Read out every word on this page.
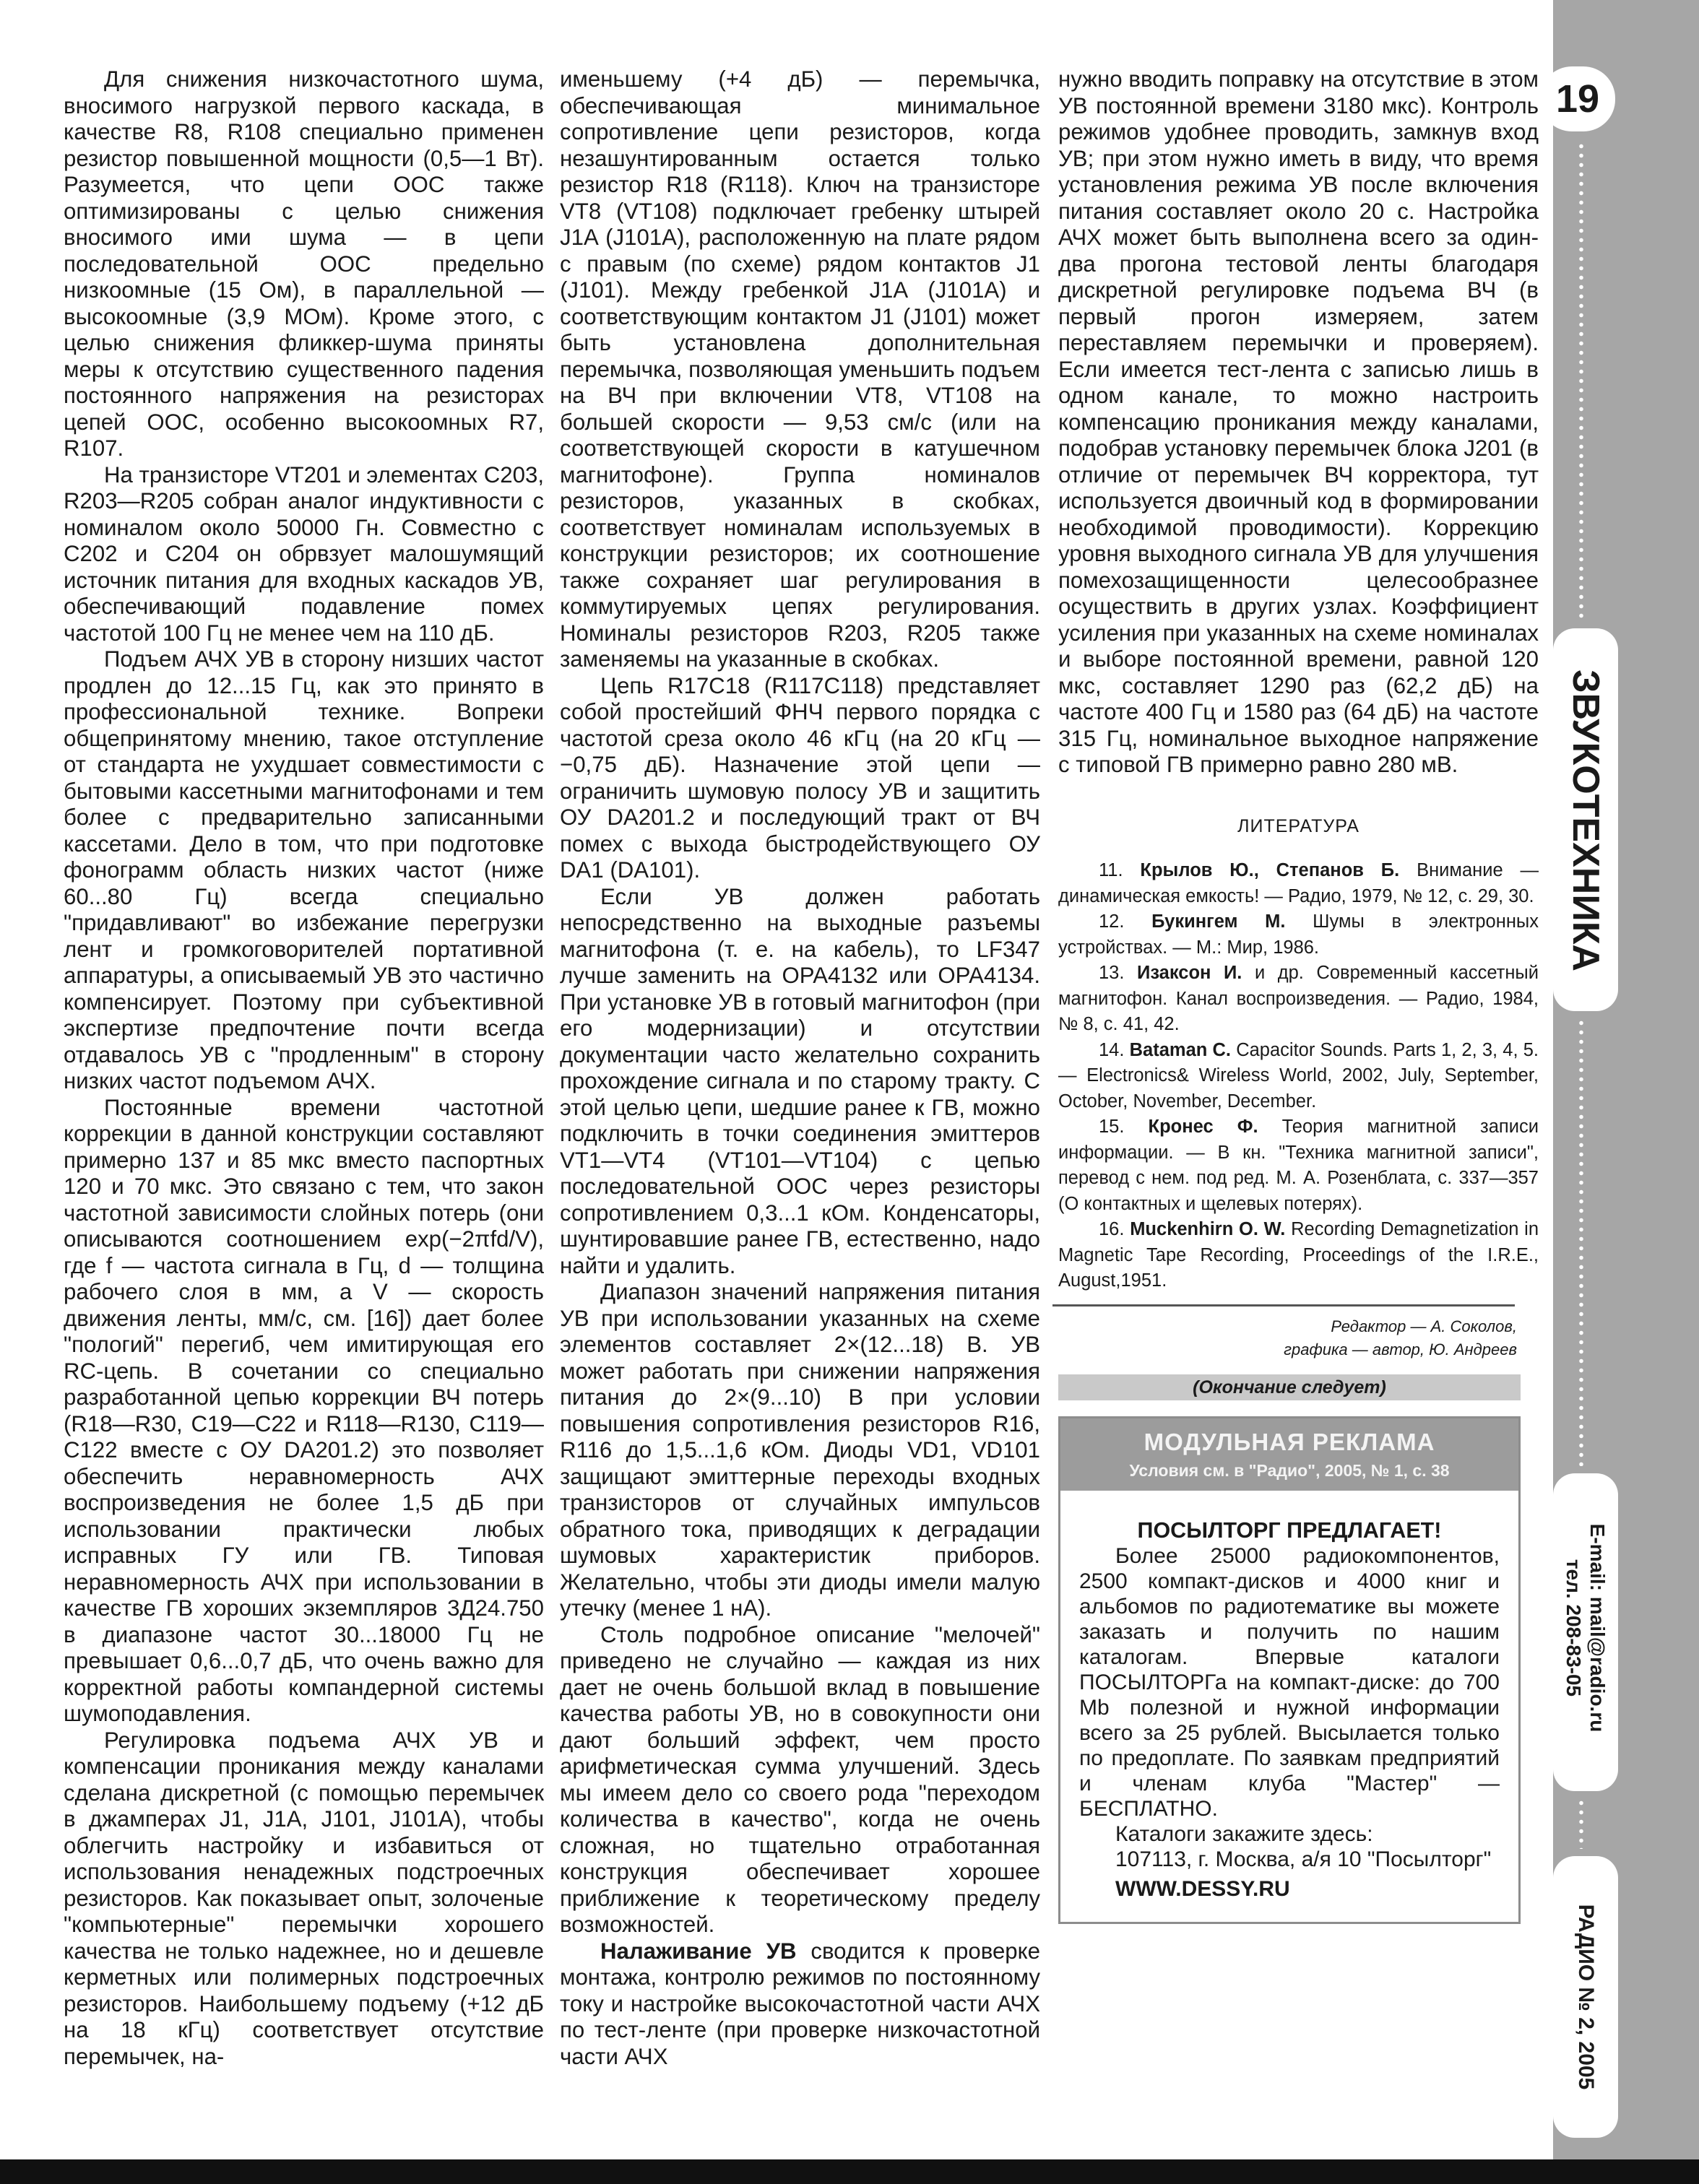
Для снижения низкочастотного шума, вносимого нагрузкой первого каскада, в качестве R8, R108 специально применен резистор повышенной мощности (0,5—1 Вт). Разумеется, что цепи ООС также оптимизированы с целью снижения вносимого ими шума — в цепи последовательной ООС предельно низкоомные (15 Ом), в параллельной —высокоомные (3,9 МОм). Кроме этого, с целью снижения фликкер-шума приняты меры к отсутствию существенного падения постоянного напряжения на резисторах цепей ООС, особенно высокоомных R7, R107.

На транзисторе VT201 и элементах C203, R203—R205 собран аналог индуктивности с номиналом около 50000 Гн. Совместно с C202 и C204 он обрвзует малошумящий источник питания для входных каскадов УВ, обеспечивающий подавление помех частотой 100 Гц не менее чем на 110 дБ.

Подъем АЧХ УВ в сторону низших частот продлен до 12...15 Гц, как это принято в профессиональной технике. Вопреки общепринятому мнению, такое отступление от стандарта не ухудшает совместимости с бытовыми кассетными магнитофонами и тем более с предварительно записанными кассетами. Дело в том, что при подготовке фонограмм область низких частот (ниже 60...80 Гц) всегда специально "придавливают" во избежание перегрузки лент и громкоговорителей портативной аппаратуры, а описываемый УВ это частично компенсирует. Поэтому при субъективной экспертизе предпочтение почти всегда отдавалось УВ с "продленным" в сторону низких частот подъемом АЧХ.

Постоянные времени частотной коррекции в данной конструкции составляют примерно 137 и 85 мкс вместо паспортных 120 и 70 мкс. Это связано с тем, что закон частотной зависимости слойных потерь (они описываются соотношением exp(−2πfd/V), где f — частота сигнала в Гц, d — толщина рабочего слоя в мм, a V — скорость движения ленты, мм/с, см. [16]) дает более "пологий" перегиб, чем имитирующая его RC-цепь. В сочетании со специально разработанной цепью коррекции ВЧ потерь (R18—R30, C19—C22 и R118—R130, C119—C122 вместе с ОУ DA201.2) это позволяет обеспечить неравномерность АЧХ воспроизведения не более 1,5 дБ при использовании практически любых исправных ГУ или ГВ. Типовая неравномерность АЧХ при использовании в качестве ГВ хороших экземпляров 3Д24.750 в диапазоне частот 30...18000 Гц не превышает 0,6...0,7 дБ, что очень важно для корректной работы компандерной системы шумоподавления.

Регулировка подъема АЧХ УВ и компенсации проникания между каналами сделана дискретной (с помощью перемычек в джамперах J1, J1A, J101, J101A), чтобы облегчить настройку и избавиться от использования ненадежных подстроечных резисторов. Как показывает опыт, золоченые "компьютерные" перемычки хорошего качества не только надежнее, но и дешевле керметных или полимерных подстроечных резисторов. Наибольшему подъему (+12 дБ на 18 кГц) соответствует отсутствие перемычек, на-

именьшему (+4 дБ) — перемычка, обеспечивающая минимальное сопротивление цепи резисторов, когда незашунтированным остается только резистор R18 (R118). Ключ на транзисторе VT8 (VT108) подключает гребенку штырей J1A (J101A), расположенную на плате рядом с правым (по схеме) рядом контактов J1 (J101). Между гребенкой J1A (J101A) и соответствующим контактом J1 (J101) может быть установлена дополнительная перемычка, позволяющая уменьшить подъем на ВЧ при включении VT8, VT108 на большей скорости — 9,53 см/с (или на соответствующей скорости в катушечном магнитофоне). Группа номиналов резисторов, указанных в скобках, соответствует номиналам используемых в конструкции резисторов; их соотношение также сохраняет шаг регулирования в коммутируемых цепях регулирования. Номиналы резисторов R203, R205 также заменяемы на указанные в скобках.

Цепь R17C18 (R117C118) представляет собой простейший ФНЧ первого порядка с частотой среза около 46 кГц (на 20 кГц — −0,75 дБ). Назначение этой цепи — ограничить шумовую полосу УВ и защитить ОУ DA201.2 и последующий тракт от ВЧ помех с выхода быстродействующего ОУ DA1 (DA101).

Если УВ должен работать непосредственно на выходные разъемы магнитофона (т. е. на кабель), то LF347 лучше заменить на OPA4132 или OPA4134. При установке УВ в готовый магнитофон (при его модернизации) и отсутствии документации часто желательно сохранить прохождение сигнала и по старому тракту. С этой целью цепи, шедшие ранее к ГВ, можно подключить в точки соединения эмиттеров VT1—VT4 (VT101—VT104) с цепью последовательной ООС через резисторы сопротивлением 0,3...1 кОм. Конденсаторы, шунтировавшие ранее ГВ, естественно, надо найти и удалить.

Диапазон значений напряжения питания УВ при использовании указанных на схеме элементов составляет 2×(12...18) В. УВ может работать при снижении напряжения питания до 2×(9...10) В при условии повышения сопротивления резисторов R16, R116 до 1,5...1,6 кОм. Диоды VD1, VD101 защищают эмиттерные переходы входных транзисторов от случайных импульсов обратного тока, приводящих к деградации шумовых характеристик приборов. Желательно, чтобы эти диоды имели малую утечку (менее 1 нА).

Столь подробное описание "мелочей" приведено не случайно — каждая из них дает не очень большой вклад в повышение качества работы УВ, но в совокупности они дают больший эффект, чем просто арифметическая сумма улучшений. Здесь мы имеем дело со своего рода "переходом количества в качество", когда не очень сложная, но тщательно отработанная конструкция обеспечивает хорошее приближение к теоретическому пределу возможностей.

Налаживание УВ сводится к проверке монтажа, контролю режимов по постоянному току и настройке высокочастотной части АЧХ по тест-ленте (при проверке низкочастотной части АЧХ

нужно вводить поправку на отсутствие в этом УВ постоянной времени 3180 мкс). Контроль режимов удобнее проводить, замкнув вход УВ; при этом нужно иметь в виду, что время установления режима УВ после включения питания составляет около 20 с. Настройка АЧХ может быть выполнена всего за один-два прогона тестовой ленты благодаря дискретной регулировке подъема ВЧ (в первый прогон измеряем, затем переставляем перемычки и проверяем). Если имеется тест-лента с записью лишь в одном канале, то можно настроить компенсацию проникания между каналами, подобрав установку перемычек блока J201 (в отличие от перемычек ВЧ корректора, тут используется двоичный код в формировании необходимой проводимости). Коррекцию уровня выходного сигнала УВ для улучшения помехозащищенности целесообразнее осуществить в других узлах. Коэффициент усиления при указанных на схеме номиналах и выборе постоянной времени, равной 120 мкс, составляет 1290 раз (62,2 дБ) на частоте 400 Гц и 1580 раз (64 дБ) на частоте 315 Гц, номинальное выходное напряжение с типовой ГВ примерно равно 280 мВ.

ЛИТЕРАТУРА

11. Крылов Ю., Степанов Б. Внимание — динамическая емкость! — Радио, 1979, № 12, с. 29, 30.

12. Букингем М. Шумы в электронных устройствах. — М.: Мир, 1986.

13. Изаксон И. и др. Современный кассетный магнитофон. Канал воспроизведения. — Радио, 1984, № 8, с. 41, 42.

14. Bataman C. Capacitor Sounds. Parts 1, 2, 3, 4, 5. — Electronics& Wireless World, 2002, July, September, October, November, December.

15. Кронес Ф. Теория магнитной записи информации. — В кн. "Техника магнитной записи", перевод с нем. под ред. М. А. Розенблата, с. 337—357 (О контактных и щелевых потерях).

16. Muckenhirn O. W. Recording Demagnetization in Magnetic Tape Recording, Proceedings of the I.R.E., August,1951.

Редактор — А. Соколов,
графика — автор, Ю. Андреев
(Окончание следует)
МОДУЛЬНАЯ РЕКЛАМА
Условия см. в "Радио", 2005, № 1, с. 38
ПОСЫЛТОРГ ПРЕДЛАГАЕТ!

Более 25000 радиокомпонентов, 2500 компакт-дисков и 4000 книг и альбомов по радиотематике вы можете заказать и получить по нашим каталогам. Впервые каталоги ПОСЫЛТОРГа на компакт-диске: до 700 Mb полезной и нужной информации всего за 25 рублей. Высылается только по предоплате. По заявкам предприятий и членам клуба "Мастер" — БЕСПЛАТНО.

Каталоги закажите здесь:

107113, г. Москва, а/я 10 "Посылторг"

WWW.DESSY.RU

19
ЗВУКОТЕХНИКА
E-mail: mail@radio.ru
тел. 208-83-05
РАДИО № 2, 2005
